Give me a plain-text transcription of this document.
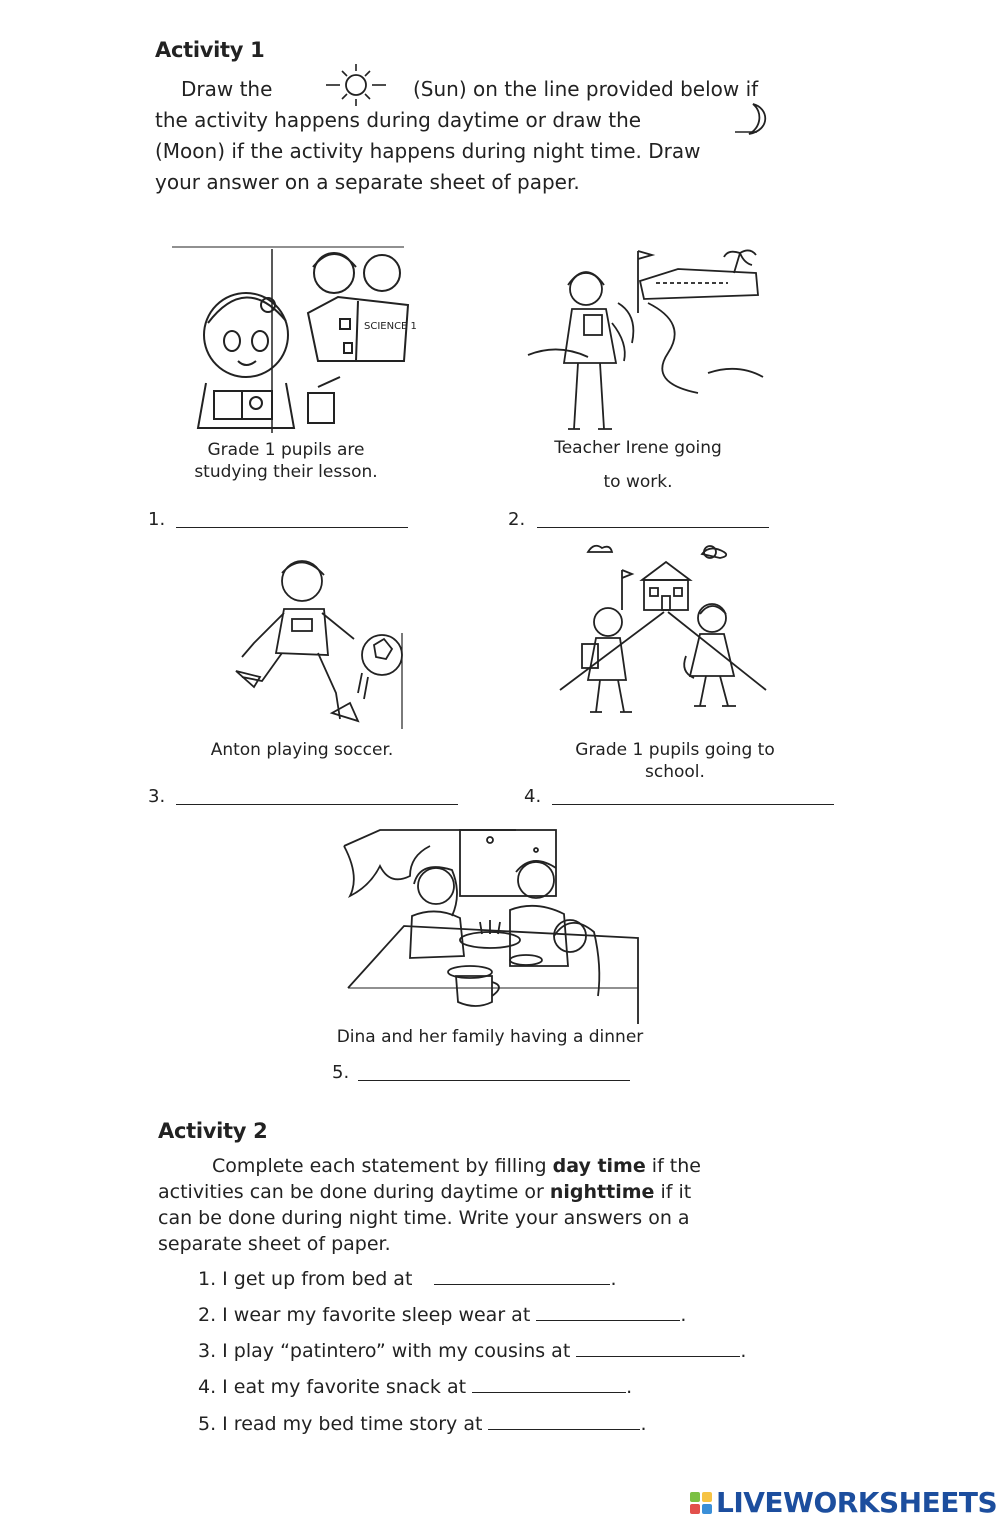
Activity 1
Draw the	(Sun) on the line provided below if
the activity happens during daytime or draw the
(Moon) if the activity happens during night time. Draw
your answer on a separate sheet of paper.
SCIENCE 1
Grade 1 pupils are
studying their lesson.
Teacher Irene going
to work.
1.	2.
Anton playing soccer.	Grade 1 pupils going to
school.
3.	4.
Dina and her family having a dinner
5.
Activity 2
Complete each statement by filling day time if the
activities can be done during daytime or nighttime if it
can be done during night time. Write your answers on a
separate sheet of paper.
1. I get up from bed at	.
2. I wear my favorite sleep wear at	.
3. I play “patintero” with my cousins at	.
4. I eat my favorite snack at	.
5. I read my bed time story at	.
LIVEWORKSHEETS
